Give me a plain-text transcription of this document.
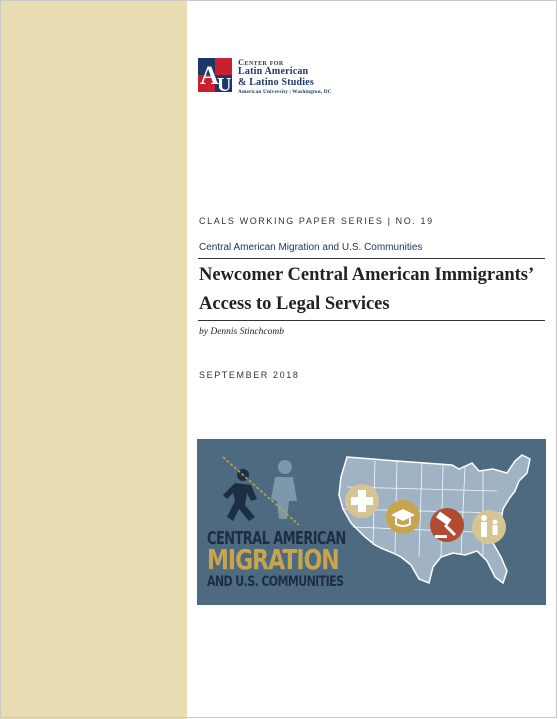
A
U
Center for
Latin American
& Latino Studies
American University | Washington, DC
CLALS WORKING PAPER SERIES | NO. 19
Central American Migration and U.S. Communities
Newcomer Central American Immigrants’ Access to Legal Services
by Dennis Stinchcomb
SEPTEMBER 2018
CENTRAL AMERICAN
MIGRATION
AND U.S. COMMUNITIES
